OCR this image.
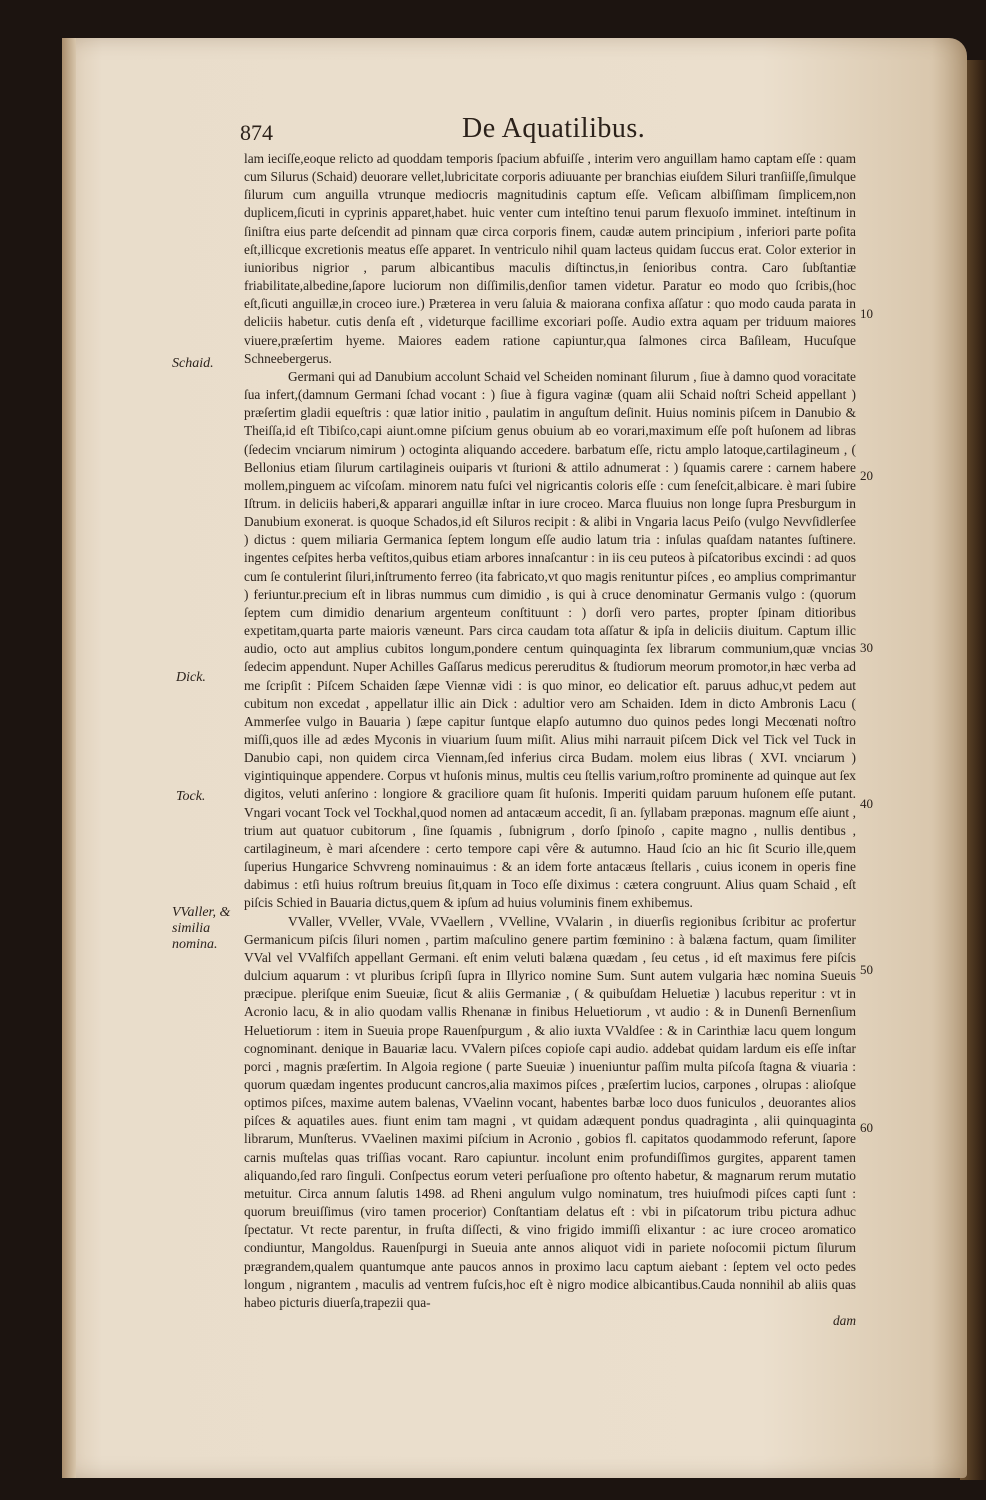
874	De Aquatilibus.

lam ieciſſe,eoque relicto ad quoddam temporis ſpacium abfuiſſe , interim vero anguillam hamo captam eſſe : quam cum Silurus (Schaid) deuorare vellet,lubricitate corporis adiuuante per branchias eiuſdem Siluri tranſiiſſe,ſimulque ſilurum cum anguilla vtrunque mediocris magnitudinis captum eſſe. Veſicam albiſſimam ſimplicem,non duplicem,ſicuti in cyprinis apparet,habet. huic venter cum inteſtino tenui parum flexuoſo imminet. inteſtinum in ſiniſtra eius parte deſcendit ad pinnam quæ circa corporis finem, caudæ autem principium , inferiori parte poſita eſt,illicque excretionis meatus eſſe apparet. In ventriculo nihil quam lacteus quidam ſuccus erat. Color exterior in iunioribus nigrior , parum albicantibus maculis diſtinctus,in ſenioribus contra. Caro ſubſtantiæ friabilitate,albedine,ſapore luciorum non diſſimilis,denſior tamen videtur. Paratur eo modo quo ſcribis,(hoc eſt,ſicuti anguillæ,in croceo iure.) Præterea in veru ſaluia & maiorana confixa aſſatur : quo modo cauda parata in deliciis habetur. cutis denſa eſt , videturque facillime excoriari poſſe. Audio extra aquam per triduum maiores viuere,præſertim hyeme. Maiores eadem ratione capiuntur,qua ſalmones circa Baſileam, Hucuſque Schneebergerus.

Germani qui ad Danubium accolunt Schaid vel Scheiden nominant ſilurum , ſiue à damno quod voracitate ſua infert,(damnum Germani ſchad vocant : ) ſiue à figura vaginæ (quam alii Schaid noſtri Scheid appellant ) præſertim gladii equeſtris : quæ latior initio , paulatim in anguſtum deſinit. Huius nominis piſcem in Danubio & Theiſſa,id eſt Tibiſco,capi aiunt.omne piſcium genus obuium ab eo vorari,maximum eſſe poſt huſonem ad libras (ſedecim vnciarum nimirum ) octoginta aliquando accedere. barbatum eſſe, rictu amplo latoque,cartilagineum , ( Bellonius etiam ſilurum cartilagineis ouiparis vt ſturioni & attilo adnumerat : ) ſquamis carere : carnem habere mollem,pinguem ac viſcoſam. minorem natu fuſci vel nigricantis coloris eſſe : cum ſeneſcit,albicare. è mari ſubire Iſtrum. in deliciis haberi,& apparari anguillæ inſtar in iure croceo. Marca fluuius non longe ſupra Presburgum in Danubium exonerat. is quoque Schados,id eſt Siluros recipit : & alibi in Vngaria lacus Peiſo (vulgo Nevvſidlerſee ) dictus : quem miliaria Germanica ſeptem longum eſſe audio latum tria : inſulas quaſdam natantes ſuſtinere. ingentes ceſpites herba veſtitos,quibus etiam arbores innaſcantur : in iis ceu puteos à piſcatoribus excindi : ad quos cum ſe contulerint ſiluri,inſtrumento ferreo (ita fabricato,vt quo magis renituntur piſces , eo amplius comprimantur ) feriuntur.precium eſt in libras nummus cum dimidio , is qui à cruce denominatur Germanis vulgo : (quorum ſeptem cum dimidio denarium argenteum conſtituunt : ) dorſi vero partes, propter ſpinam ditioribus expetitam,quarta parte maioris væneunt. Pars circa caudam tota aſſatur & ipſa in deliciis diuitum. Captum illic audio, octo aut amplius cubitos longum,pondere centum quinquaginta ſex librarum communium,quæ vncias ſedecim appendunt. Nuper Achilles Gaſſarus medicus pereruditus & ſtudiorum meorum promotor,in hæc verba ad me ſcripſit : Piſcem Schaiden ſæpe Viennæ vidi : is quo minor, eo delicatior eſt. paruus adhuc,vt pedem aut cubitum non excedat , appellatur illic ain Dick : adultior vero am Schaiden. Idem in dicto Ambronis Lacu ( Ammerſee vulgo in Bauaria ) ſæpe capitur ſuntque elapſo autumno duo quinos pedes longi Mecœnati noſtro miſſi,quos ille ad ædes Myconis in viuarium ſuum miſit. Alius mihi narrauit piſcem Dick vel Tick vel Tuck in Danubio capi, non quidem circa Viennam,ſed inferius circa Budam. molem eius libras ( XVI. vnciarum ) vigintiquinque appendere. Corpus vt huſonis minus, multis ceu ſtellis varium,roſtro prominente ad quinque aut ſex digitos, veluti anſerino : longiore & graciliore quam ſit huſonis. Imperiti quidam paruum huſonem eſſe putant. Vngari vocant Tock vel Tockhal,quod nomen ad antacæum accedit, ſi an. ſyllabam præponas. magnum eſſe aiunt , trium aut quatuor cubitorum , ſine ſquamis , ſubnigrum , dorſo ſpinoſo , capite magno , nullis dentibus , cartilagineum, è mari aſcendere : certo tempore capi vêre & autumno. Haud ſcio an hic ſit Scurio ille,quem ſuperius Hungarice Schvvreng nominauimus : & an idem forte antacæus ſtellaris , cuius iconem in operis fine dabimus : etſi huius roſtrum breuius ſit,quam in Toco eſſe diximus : cætera congruunt. Alius quam Schaid , eſt piſcis Schied in Bauaria dictus,quem & ipſum ad huius voluminis finem exhibemus.

VValler, VVeller, VVale, VVaellern , VVelline, VValarin , in diuerſis regionibus ſcribitur ac profertur Germanicum piſcis ſiluri nomen , partim maſculino genere partim fœminino : à balæna factum, quam ſimiliter VVal vel VValfiſch appellant Germani. eſt enim veluti balæna quædam , ſeu cetus , id eſt maximus fere piſcis dulcium aquarum : vt pluribus ſcripſi ſupra in Illyrico nomine Sum. Sunt autem vulgaria hæc nomina Sueuis præcipue. pleriſque enim Sueuiæ, ſicut & aliis Germaniæ , ( & quibuſdam Heluetiæ ) lacubus reperitur : vt in Acronio lacu, & in alio quodam vallis Rhenanæ in finibus Heluetiorum , vt audio : & in Dunenſi Bernenſium Heluetiorum : item in Sueuia prope Rauenſpurgum , & alio iuxta VValdſee : & in Carinthiæ lacu quem longum cognominant. denique in Bauariæ lacu. VValern piſces copioſe capi audio. addebat quidam lardum eis eſſe inſtar porci , magnis præſertim. In Algoia regione ( parte Sueuiæ ) inueniuntur paſſim multa piſcoſa ſtagna & viuaria : quorum quædam ingentes producunt cancros,alia maximos piſces , præſertim lucios, carpones , olrupas : alioſque optimos piſces, maxime autem balenas, VVaelinn vocant, habentes barbæ loco duos funiculos , deuorantes alios piſces & aquatiles aues. fiunt enim tam magni , vt quidam adæquent pondus quadraginta , alii quinquaginta librarum, Munſterus. VVaelinen maximi piſcium in Acronio , gobios fl. capitatos quodammodo referunt, ſapore carnis muſtelas quas triſſias vocant. Raro capiuntur. incolunt enim profundiſſimos gurgites, apparent tamen aliquando,ſed raro ſinguli. Conſpectus eorum veteri perſuaſione pro oſtento habetur, & magnarum rerum mutatio metuitur. Circa annum ſalutis 1498. ad Rheni angulum vulgo nominatum, tres huiuſmodi piſces capti ſunt : quorum breuiſſimus (viro tamen procerior) Conſtantiam delatus eſt : vbi in piſcatorum tribu pictura adhuc ſpectatur. Vt recte parentur, in fruſta diſſecti, & vino frigido immiſſi elixantur : ac iure croceo aromatico condiuntur, Mangoldus. Rauenſpurgi in Sueuia ante annos aliquot vidi in pariete noſocomii pictum ſilurum prægrandem,qualem quantumque ante paucos annos in proximo lacu captum aiebant : ſeptem vel octo pedes longum , nigrantem , maculis ad ventrem fuſcis,hoc eſt è nigro modice albicantibus.Cauda nonnihil ab aliis quas habeo picturis diuerſa,trapezii qua-

dam
Schaid.
Dick.
Tock.
VValler, & similia nomina.
10
20
30
40
50
60
